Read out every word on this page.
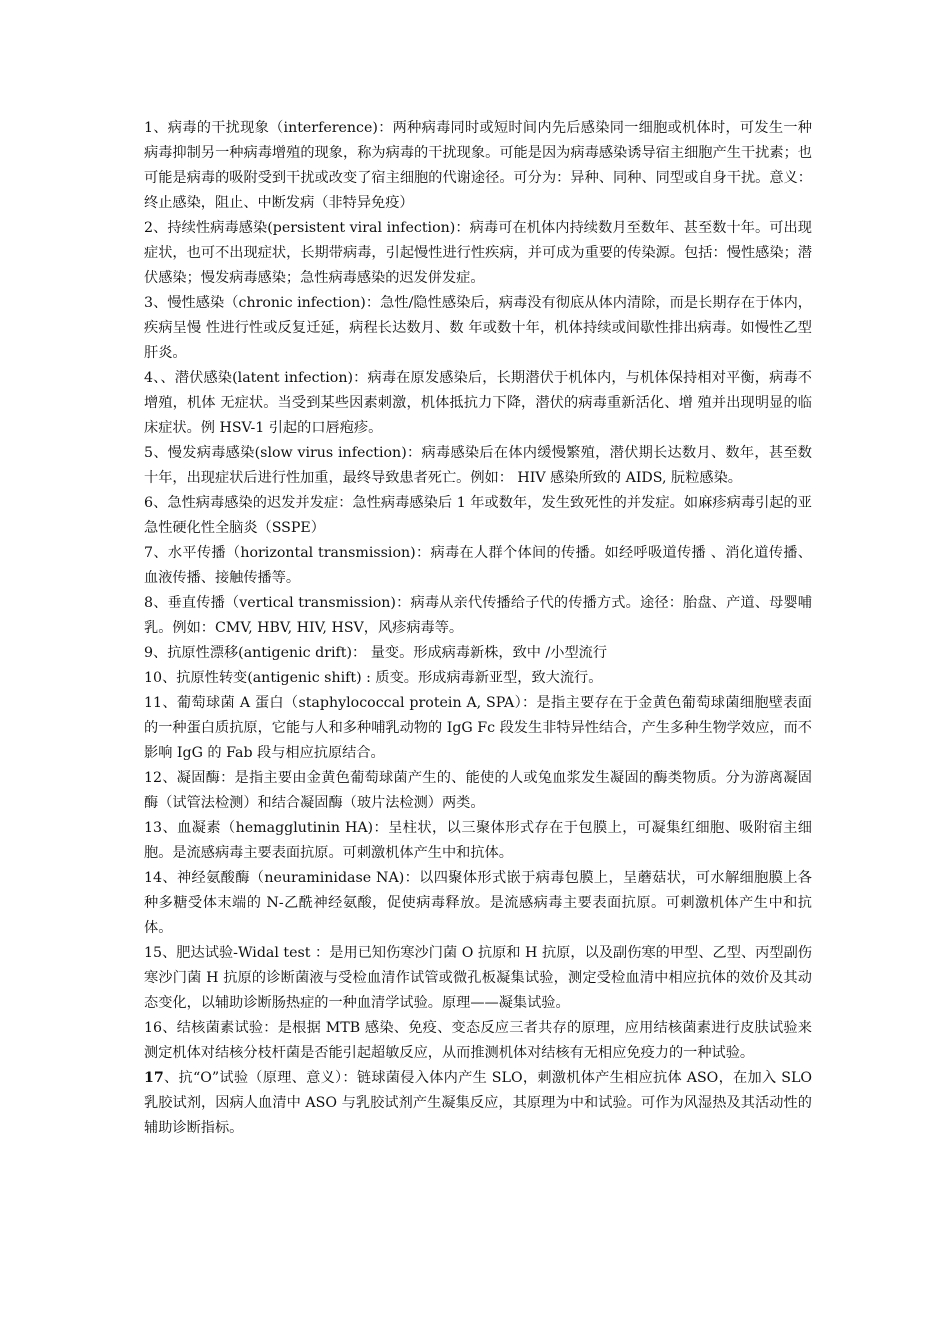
1、病毒的干扰现象（interference)：两种病毒同时或短时间内先后感染同一细胞或机体时，可发生一种病毒抑制另一种病毒增殖的现象，称为病毒的干扰现象。可能是因为病毒感染诱导宿主细胞产生干扰素；也可能是病毒的吸附受到干扰或改变了宿主细胞的代谢途径。可分为：异种、同种、同型或自身干扰。意义：终止感染，阻止、中断发病（非特异免疫）

2、持续性病毒感染(persistent viral infection)：病毒可在机体内持续数月至数年、甚至数十年。可出现症状，也可不出现症状，长期带病毒，引起慢性进行性疾病，并可成为重要的传染源。包括：慢性感染；潜伏感染；慢发病毒感染；急性病毒感染的迟发併发症。

3、慢性感染（chronic infection)：急性/隐性感染后，病毒没有彻底从体内清除，而是长期存在于体内，疾病呈慢 性进行性或反复迁延，病程长达数月、数 年或数十年，机体持续或间歇性排出病毒。如慢性乙型肝炎。

4、、潜伏感染(latent infection)：病毒在原发感染后，长期潜伏于机体内，与机体保持相对平衡，病毒不增殖，机体 无症状。当受到某些因素刺激，机体抵抗力下降，潜伏的病毒重新活化、增 殖并出现明显的临床症状。例 HSV-1 引起的口唇疱疹。

5、慢发病毒感染(slow virus infection)：病毒感染后在体内缓慢繁殖，潜伏期长达数月、数年，甚至数十年，出现症状后进行性加重，最终导致患者死亡。例如： HIV 感染所致的 AIDS, 朊粒感染。

6、急性病毒感染的迟发并发症：急性病毒感染后 1 年或数年，发生致死性的并发症。如麻疹病毒引起的亚急性硬化性全脑炎（SSPE）

7、水平传播（horizontal transmission)：病毒在人群个体间的传播。如经呼吸道传播 、消化道传播、血液传播、接触传播等。

8、垂直传播（vertical transmission)：病毒从亲代传播给子代的传播方式。途径：胎盘、产道、母婴哺乳。例如：CMV, HBV, HIV, HSV，风疹病毒等。

9、抗原性漂移(antigenic drift)： 量变。形成病毒新株，致中 /小型流行

10、抗原性转变(antigenic shift) : 质变。形成病毒新亚型，致大流行。

11、葡萄球菌 A 蛋白（staphylococcal protein A, SPA）：是指主要存在于金黄色葡萄球菌细胞壁表面的一种蛋白质抗原，它能与人和多种哺乳动物的 IgG Fc 段发生非特异性结合，产生多种生物学效应，而不影响 IgG 的 Fab 段与相应抗原结合。

12、凝固酶：是指主要由金黄色葡萄球菌产生的、能使的人或兔血浆发生凝固的酶类物质。分为游离凝固酶（试管法检测）和结合凝固酶（玻片法检测）两类。

13、血凝素（hemagglutinin HA)：呈柱状，以三聚体形式存在于包膜上，可凝集红细胞、吸附宿主细胞。是流感病毒主要表面抗原。可刺激机体产生中和抗体。

14、神经氨酸酶（neuraminidase NA)：以四聚体形式嵌于病毒包膜上，呈蘑菇状，可水解细胞膜上各种多糖受体末端的 N-乙酰神经氨酸，促使病毒释放。是流感病毒主要表面抗原。可刺激机体产生中和抗体。

15、肥达试验-Widal test ：是用已知伤寒沙门菌 O 抗原和 H 抗原，以及副伤寒的甲型、乙型、丙型副伤寒沙门菌 H 抗原的诊断菌液与受检血清作试管或微孔板凝集试验，测定受检血清中相应抗体的效价及其动态变化，以辅助诊断肠热症的一种血清学试验。原理——凝集试验。

16、结核菌素试验：是根据 MTB 感染、免疫、变态反应三者共存的原理，应用结核菌素进行皮肤试验来测定机体对结核分枝杆菌是否能引起超敏反应，从而推测机体对结核有无相应免疫力的一种试验。

17、抗“O”试验（原理、意义）：链球菌侵入体内产生 SLO，刺激机体产生相应抗体 ASO，在加入 SLO 乳胶试剂，因病人血清中 ASO 与乳胶试剂产生凝集反应，其原理为中和试验。可作为风湿热及其活动性的辅助诊断指标。
